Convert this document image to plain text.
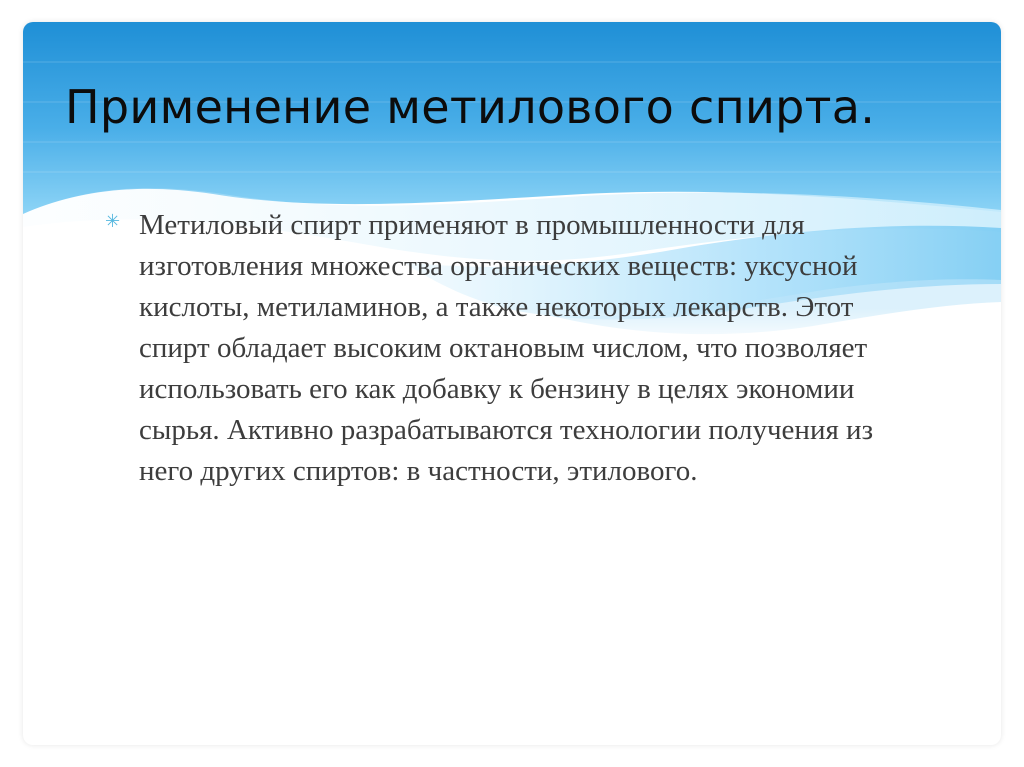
Применение метилового спирта.
✳ Метиловый спирт применяют в промышленности для изготовления множества органических веществ: уксусной кислоты, метиламинов, а также некоторых лекарств. Этот спирт обладает высоким октановым числом, что позволяет использовать его как добавку к бензину в целях экономии сырья. Активно разрабатываются технологии получения из него других спиртов: в частности, этилового.
